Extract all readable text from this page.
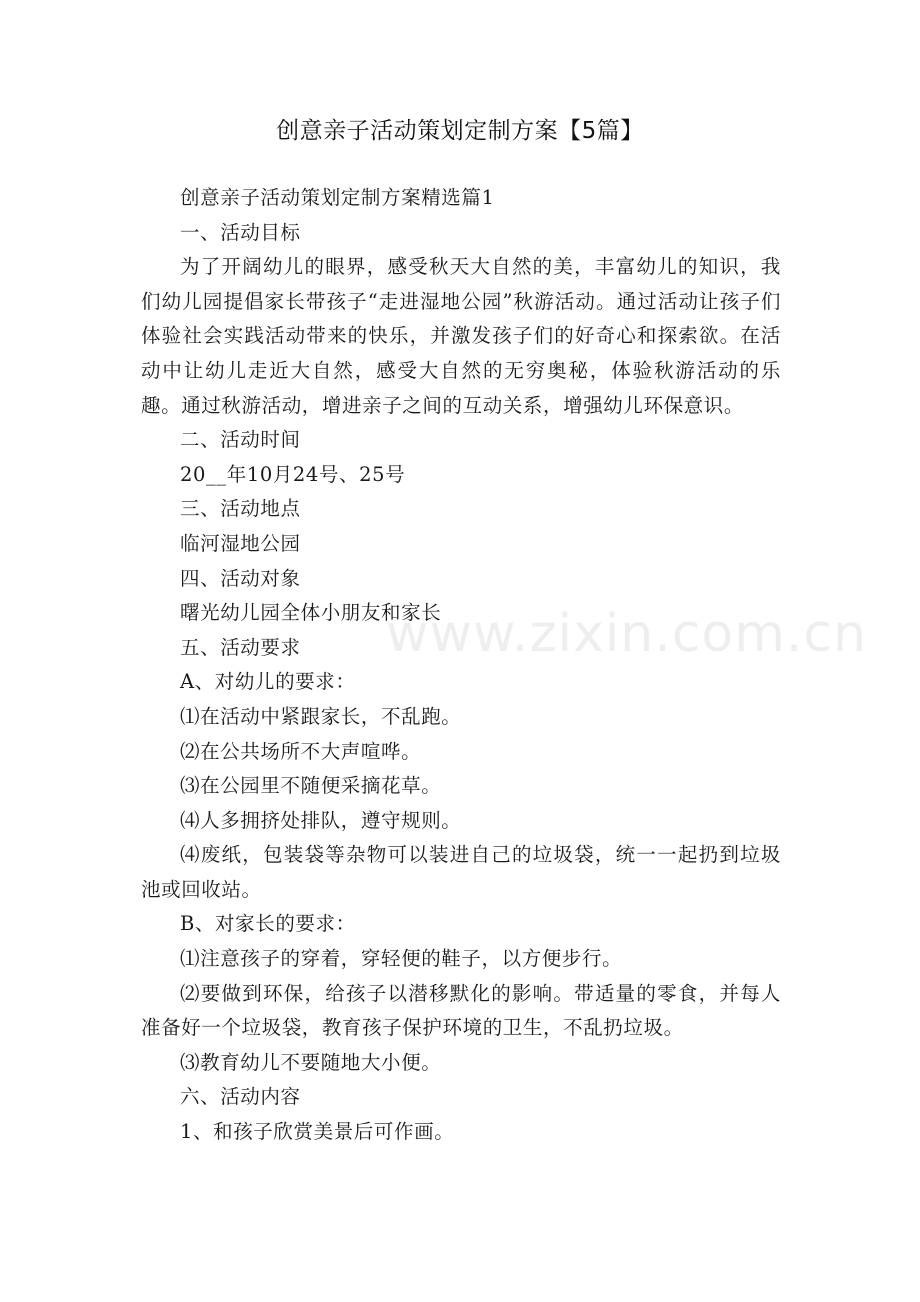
创意亲子活动策划定制方案【5篇】

创意亲子活动策划定制方案精选篇1

一、活动目标

为了开阔幼儿的眼界，感受秋天大自然的美，丰富幼儿的知识，我们幼儿园提倡家长带孩子“走进湿地公园”秋游活动。通过活动让孩子们体验社会实践活动带来的快乐，并激发孩子们的好奇心和探索欲。在活动中让幼儿走近大自然，感受大自然的无穷奥秘，体验秋游活动的乐趣。通过秋游活动，增进亲子之间的互动关系，增强幼儿环保意识。

二、活动时间

20__年10月24号、25号

三、活动地点

临河湿地公园

四、活动对象

曙光幼儿园全体小朋友和家长

五、活动要求

A、对幼儿的要求：

⑴在活动中紧跟家长，不乱跑。

⑵在公共场所不大声喧哗。

⑶在公园里不随便采摘花草。

⑷人多拥挤处排队，遵守规则。

⑷废纸，包装袋等杂物可以装进自己的垃圾袋，统一一起扔到垃圾池或回收站。

B、对家长的要求：

⑴注意孩子的穿着，穿轻便的鞋子，以方便步行。

⑵要做到环保，给孩子以潜移默化的影响。带适量的零食，并每人准备好一个垃圾袋，教育孩子保护环境的卫生，不乱扔垃圾。

⑶教育幼儿不要随地大小便。

六、活动内容

1、和孩子欣赏美景后可作画。

www.zixin.com.cn
